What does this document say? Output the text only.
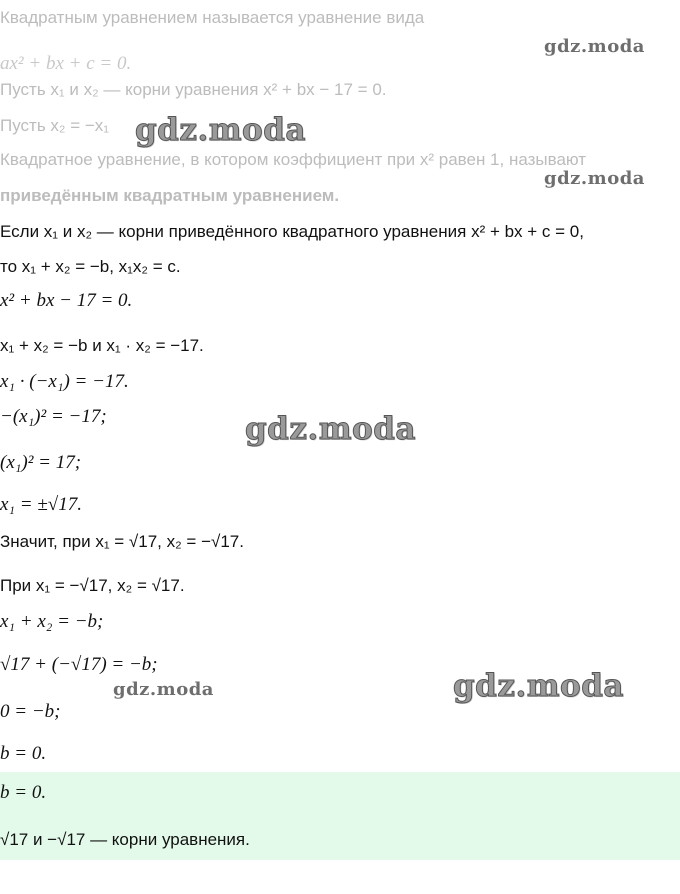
Квадратным уравнением называется уравнение вида
ax² + bx + c = 0.
Пусть x₁ и x₂ — корни уравнения x² + bx − 17 = 0.
Пусть x₂ = −x₁
Квадратное уравнение, в котором коэффициент при x² равен 1, называют
приведённым квадратным уравнением.
Если x₁ и x₂ — корни приведённого квадратного уравнения x² + bx + c = 0,
то x₁ + x₂ = −b, x₁x₂ = c.
x² + bx − 17 = 0.
x₁ + x₂ = −b и x₁ · x₂ = −17.
x₁ · (−x₁) = −17.
−(x₁)² = −17;
(x₁)² = 17;
x₁ = ±√17.
Значит, при x₁ = √17, x₂ = −√17.
При x₁ = −√17, x₂ = √17.
x₁ + x₂ = −b;
√17 + (−√17) = −b;
0 = −b;
b = 0.
b = 0.
√17 и −√17 — корни уравнения.
gdz.moda
gdz.moda
gdz.moda
gdz.moda
gdz.moda	gdz.moda
